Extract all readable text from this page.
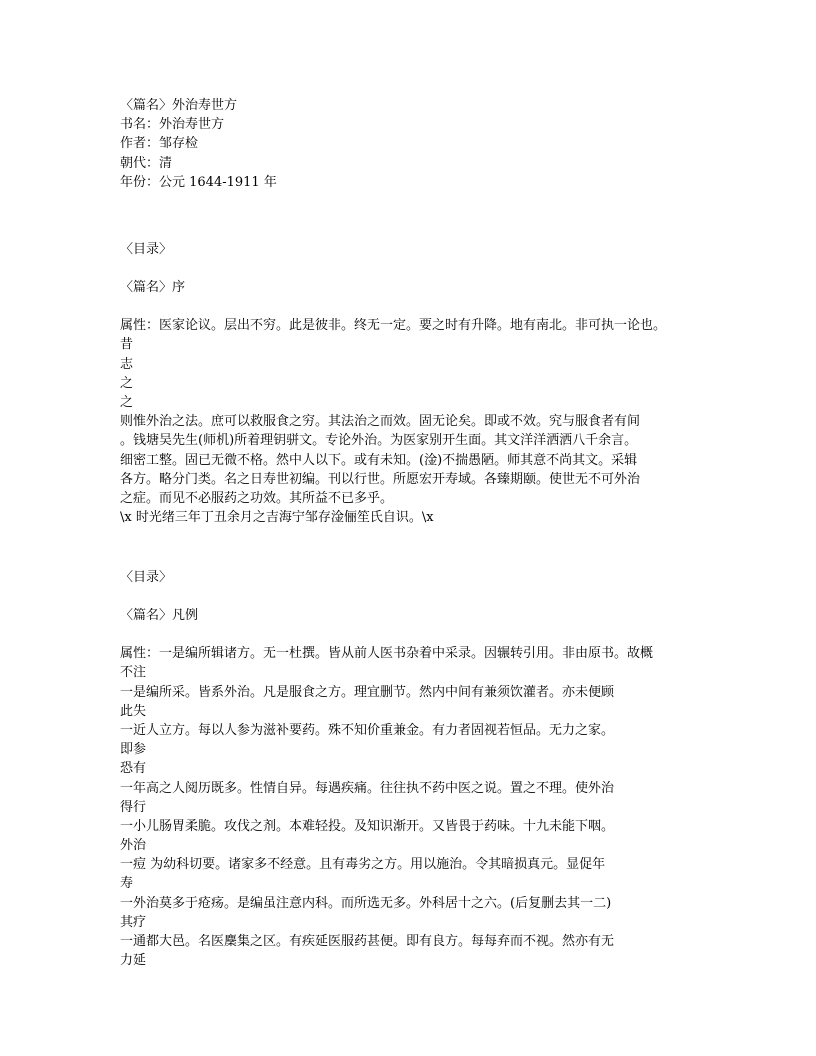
〈篇名〉外治寿世方
书名：外治寿世方
作者：邹存检
朝代：清
年份：公元 1644-1911 年
〈目录〉
〈篇名〉序
属性：医家论议。层出不穷。此是彼非。终无一定。要之时有升降。地有南北。非可执一论也。
昔
志
之
之
则惟外治之法。庶可以救服食之穷。其法治之而效。固无论矣。即或不效。究与服食者有间
。钱塘吴先生(师机)所着理钥骈文。专论外治。为医家别开生面。其文洋洋洒洒八千余言。
细密工整。固已无微不格。然中人以下。或有未知。(淦)不揣愚陋。师其意不尚其文。采辑
各方。略分门类。名之日寿世初编。刊以行世。所愿宏开寿域。各臻期颐。使世无不可外治
之症。而见不必服药之功效。其所益不已多乎。
\x 时光绪三年丁丑余月之吉海宁邹存淦俪笙氏自识。\x
〈目录〉
〈篇名〉凡例
属性：一是编所辑诸方。无一杜撰。皆从前人医书杂着中采录。因辗转引用。非由原书。故概
不注
一是编所采。皆系外治。凡是服食之方。理宜删节。然内中间有兼须饮灌者。亦未便顾
此失
一近人立方。每以人参为滋补要药。殊不知价重兼金。有力者固视若恒品。无力之家。
即参
恐有
一年高之人阅历既多。性情自异。每遇疾痛。往往执不药中医之说。置之不理。使外治
得行
一小儿肠胃柔脆。攻伐之剂。本难轻投。及知识渐开。又皆畏于药味。十九未能下咽。
外治
一痘 为幼科切要。诸家多不经意。且有毒劣之方。用以施治。令其暗损真元。显促年
寿
一外治莫多于疮疡。是编虽注意内科。而所选无多。外科居十之六。(后复删去其一二)
其疗
一通都大邑。名医麇集之区。有疾延医服药甚便。即有良方。每每弃而不视。然亦有无
力延
